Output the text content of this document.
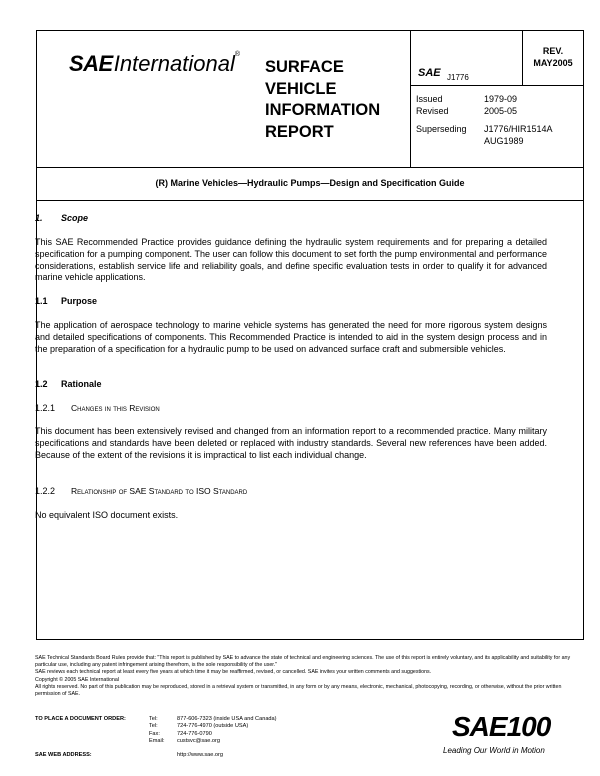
SAEInternational®
SURFACE
VEHICLE
INFORMATION
REPORT
SAE J1776
REV.
MAY2005
Issued	1979-09
Revised	2005-05
Superseding	J1776/HIR1514A
AUG1989
(R) Marine Vehicles—Hydraulic Pumps—Design and Specification Guide
1. Scope
This SAE Recommended Practice provides guidance defining the hydraulic system requirements and for preparing a detailed specification for a pumping component. The user can follow this document to set forth the pump environmental and performance considerations, establish service life and reliability goals, and define specific evaluation tests in order to qualify it for advanced marine vehicle applications.
1.1 Purpose
The application of aerospace technology to marine vehicle systems has generated the need for more rigorous system designs and detailed specifications of components. This Recommended Practice is intended to aid in the system design process and in the preparation of a specification for a hydraulic pump to be used on advanced surface craft and submersible vehicles.
1.2 Rationale
1.2.1 Changes in this Revision
This document has been extensively revised and changed from an information report to a recommended practice. Many military specifications and standards have been deleted or replaced with industry standards. Several new references have been added. Because of the extent of the revisions it is impractical to list each individual change.
1.2.2 Relationship of SAE Standard to ISO Standard
No equivalent ISO document exists.
SAE Technical Standards Board Rules provide that: "This report is published by SAE to advance the state of technical and engineering sciences. The use of this report is entirely voluntary, and its applicability and suitability for any particular use, including any patent infringement arising therefrom, is the sole responsibility of the user."
SAE reviews each technical report at least every five years at which time it may be reaffirmed, revised, or cancelled. SAE invites your written comments and suggestions.
Copyright © 2005 SAE International
All rights reserved. No part of this publication may be reproduced, stored in a retrieval system or transmitted, in any form or by any means, electronic, mechanical, photocopying, recording, or otherwise, without the prior written permission of SAE.
TO PLACE A DOCUMENT ORDER:	Tel:	877-606-7323 (inside USA and Canada)
Tel:	724-776-4970 (outside USA)
Fax:	724-776-0790
Email:	custsvc@sae.org
SAE WEB ADDRESS:	http://www.sae.org
SAE100
Leading Our World in Motion
